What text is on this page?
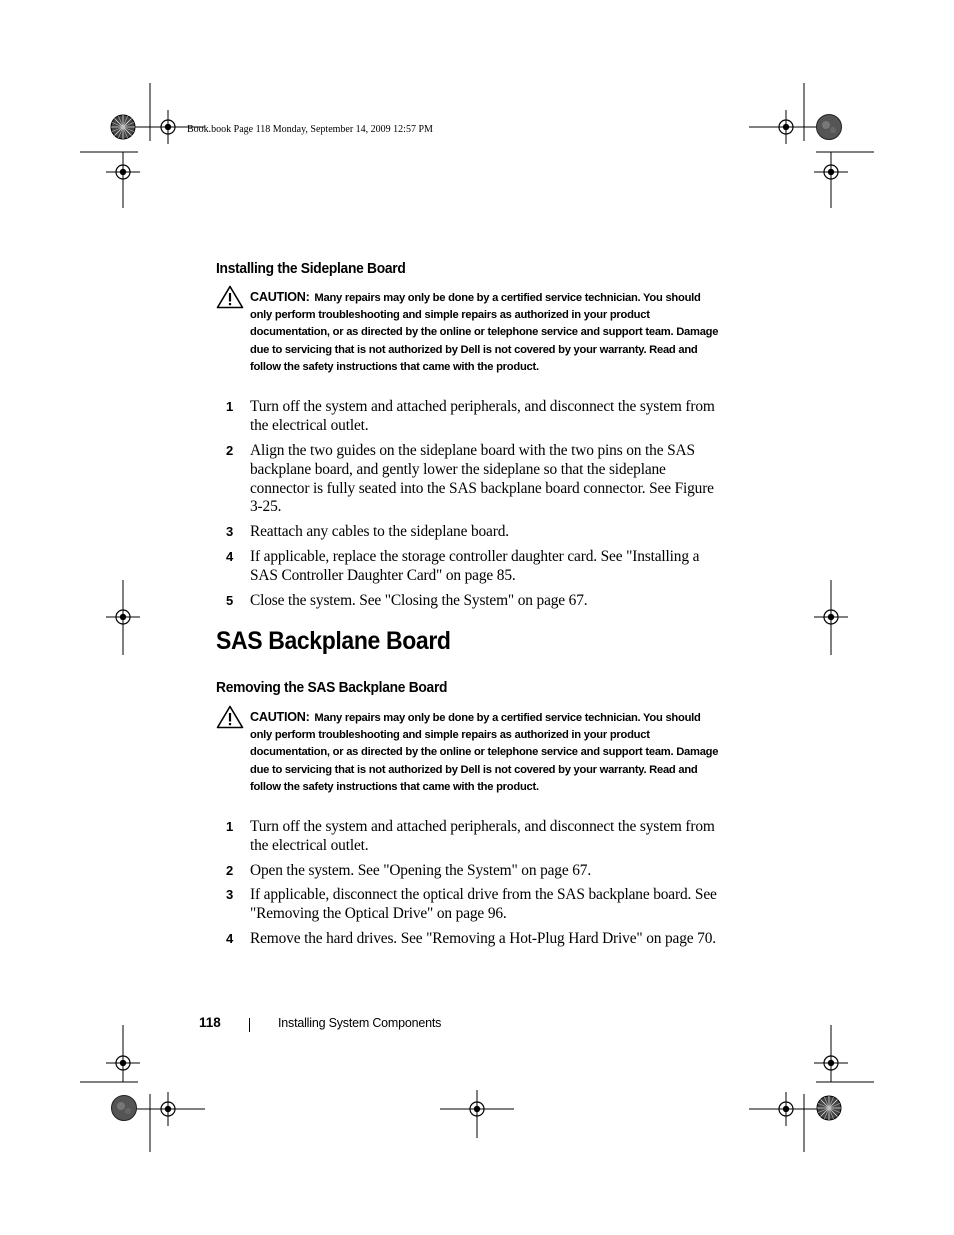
Book.book Page 118 Monday, September 14, 2009 12:57 PM
Installing the Sideplane Board
CAUTION: Many repairs may only be done by a certified service technician. You should only perform troubleshooting and simple repairs as authorized in your product documentation, or as directed by the online or telephone service and support team. Damage due to servicing that is not authorized by Dell is not covered by your warranty. Read and follow the safety instructions that came with the product.
1 Turn off the system and attached peripherals, and disconnect the system from the electrical outlet.
2 Align the two guides on the sideplane board with the two pins on the SAS backplane board, and gently lower the sideplane so that the sideplane connector is fully seated into the SAS backplane board connector. See Figure 3-25.
3 Reattach any cables to the sideplane board.
4 If applicable, replace the storage controller daughter card. See "Installing a SAS Controller Daughter Card" on page 85.
5 Close the system. See "Closing the System" on page 67.
SAS Backplane Board
Removing the SAS Backplane Board
CAUTION: Many repairs may only be done by a certified service technician. You should only perform troubleshooting and simple repairs as authorized in your product documentation, or as directed by the online or telephone service and support team. Damage due to servicing that is not authorized by Dell is not covered by your warranty. Read and follow the safety instructions that came with the product.
1 Turn off the system and attached peripherals, and disconnect the system from the electrical outlet.
2 Open the system. See "Opening the System" on page 67.
3 If applicable, disconnect the optical drive from the SAS backplane board. See "Removing the Optical Drive" on page 96.
4 Remove the hard drives. See "Removing a Hot-Plug Hard Drive" on page 70.
118	Installing System Components
